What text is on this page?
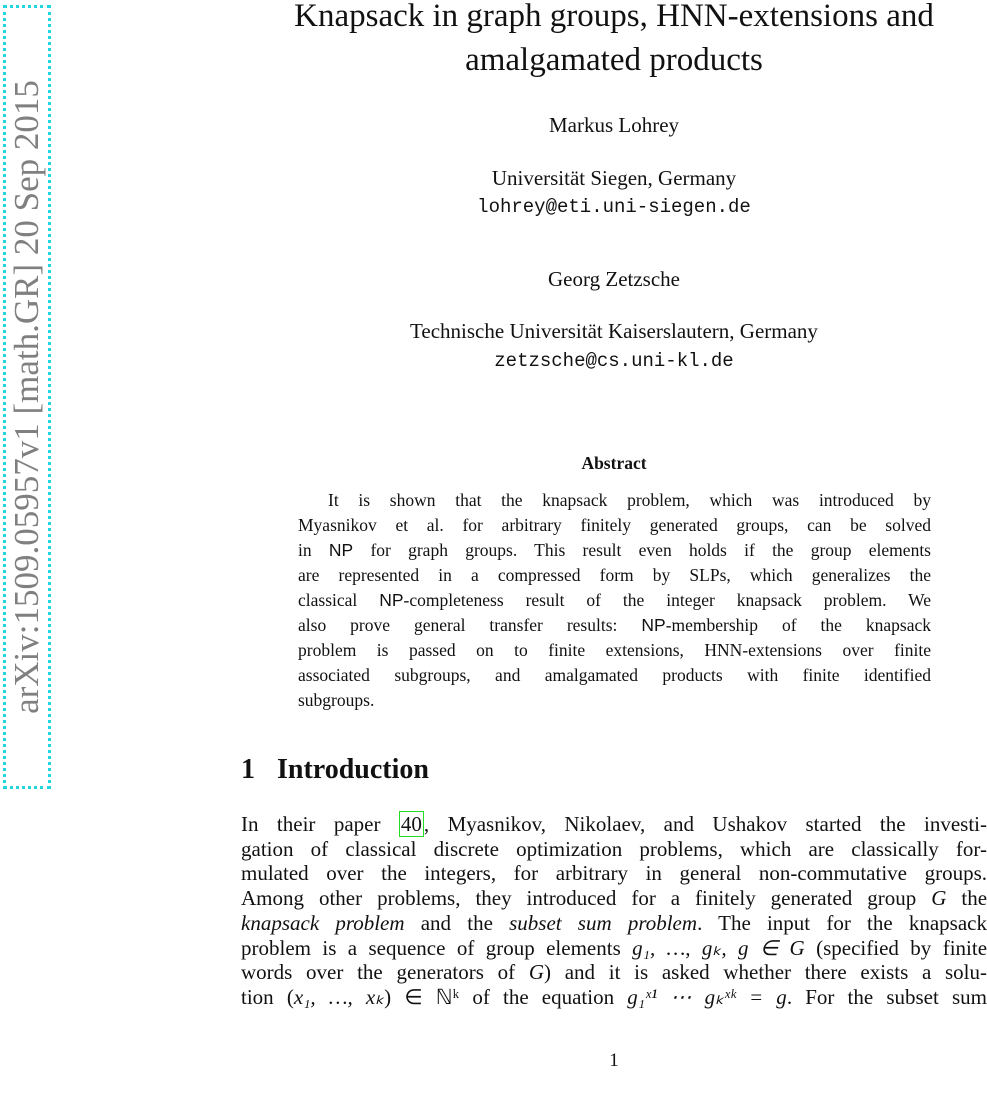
arXiv:1509.05957v1 [math.GR] 20 Sep 2015
Knapsack in graph groups, HNN-extensions and
amalgamated products
Markus Lohrey
Universität Siegen, Germany
lohrey@eti.uni-siegen.de
Georg Zetzsche
Technische Universität Kaiserslautern, Germany
zetzsche@cs.uni-kl.de
Abstract
It is shown that the knapsack problem, which was introduced by
Myasnikov et al. for arbitrary finitely generated groups, can be solved
in NP for graph groups. This result even holds if the group elements
are represented in a compressed form by SLPs, which generalizes the
classical NP-completeness result of the integer knapsack problem. We
also prove general transfer results: NP-membership of the knapsack
problem is passed on to finite extensions, HNN-extensions over finite
associated subgroups, and amalgamated products with finite identified
subgroups.
1 Introduction
In their paper 40, Myasnikov, Nikolaev, and Ushakov started the investi-
gation of classical discrete optimization problems, which are classically for-
mulated over the integers, for arbitrary in general non-commutative groups.
Among other problems, they introduced for a finitely generated group G the
knapsack problem and the subset sum problem. The input for the knapsack
problem is a sequence of group elements g₁, …, gₖ, g ∈ G (specified by finite
words over the generators of G) and it is asked whether there exists a solu-
tion (x₁, …, xₖ) ∈ ℕᵏ of the equation g₁ˣ¹ ⋯ gₖˣᵏ = g. For the subset sum
1
